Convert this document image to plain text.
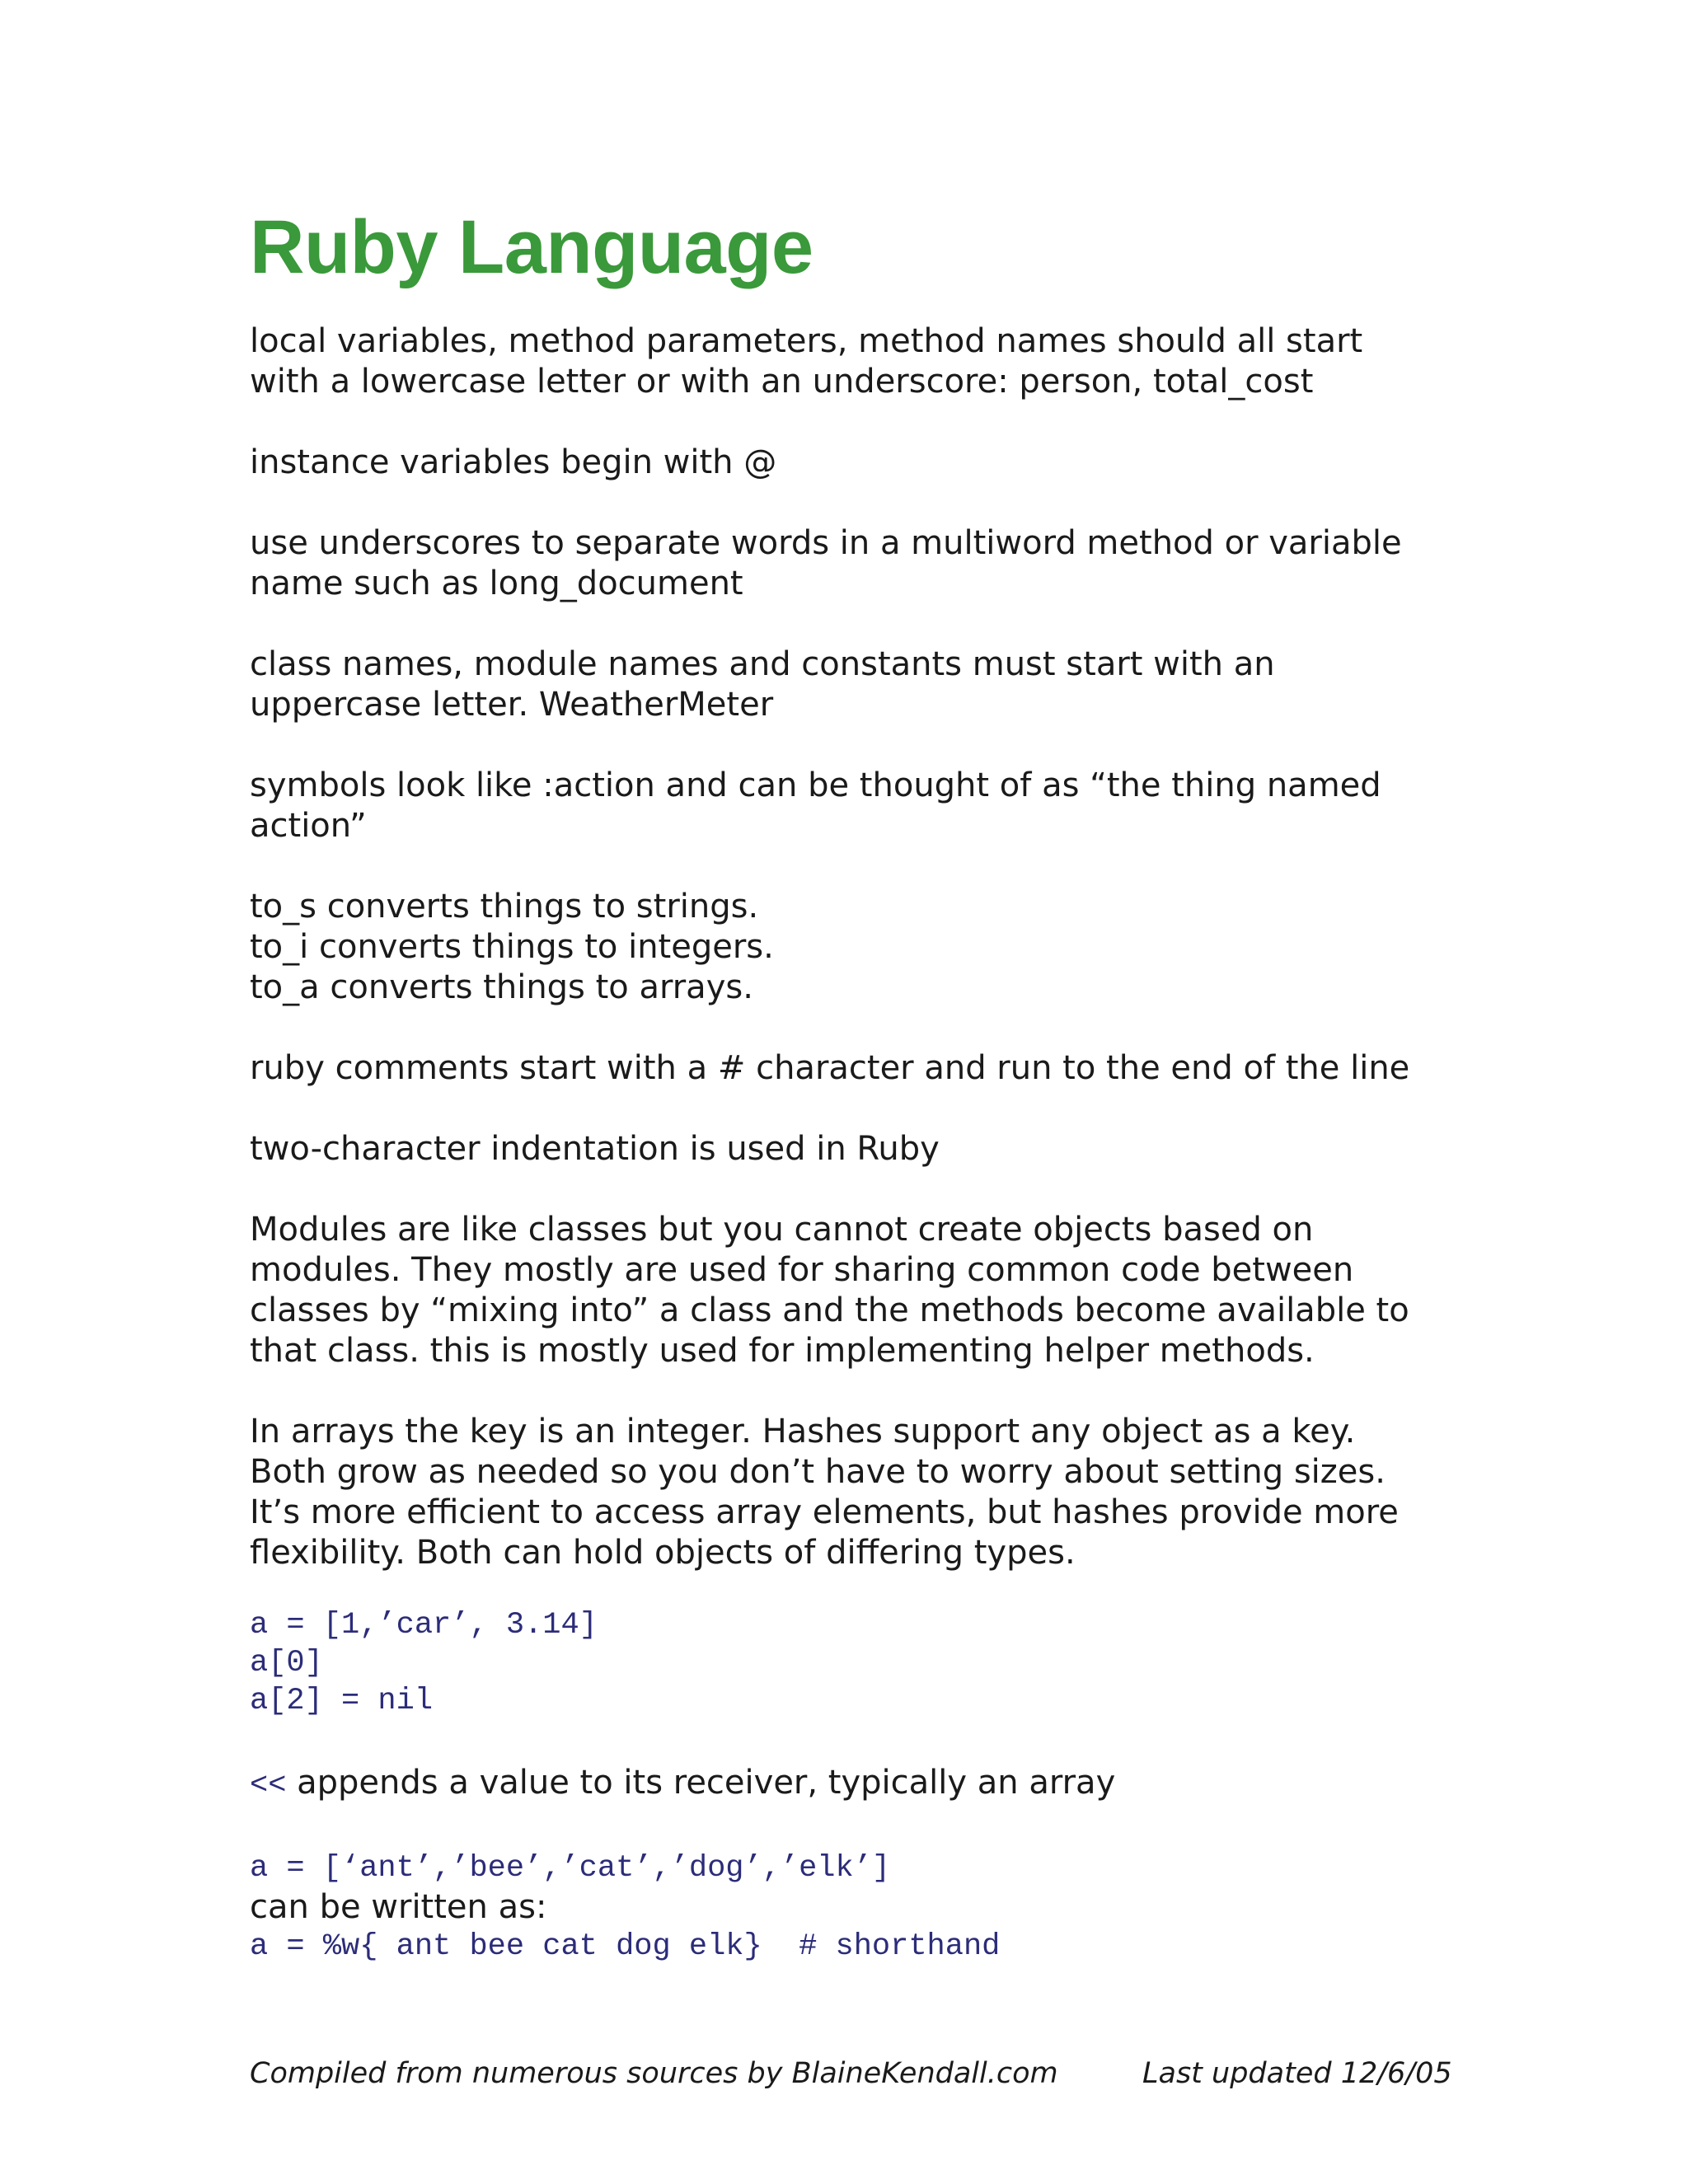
Ruby Language

local variables, method parameters, method names should all start
with a lowercase letter or with an underscore: person, total_cost

instance variables begin with @

use underscores to separate words in a multiword method or variable
name such as long_document

class names, module names and constants must start with an
uppercase letter. WeatherMeter

symbols look like :action and can be thought of as “the thing named
action”

to_s converts things to strings.
to_i converts things to integers.
to_a converts things to arrays.

ruby comments start with a # character and run to the end of the line

two-character indentation is used in Ruby

Modules are like classes but you cannot create objects based on
modules. They mostly are used for sharing common code between
classes by “mixing into” a class and the methods become available to
that class. this is mostly used for implementing helper methods.

In arrays the key is an integer. Hashes support any object as a key.
Both grow as needed so you don’t have to worry about setting sizes.
It’s more efficient to access array elements, but hashes provide more
flexibility. Both can hold objects of differing types.

a = [1,’car’, 3.14]
a[0]
a[2] = nil
<< appends a value to its receiver, typically an array
a = [‘ant’,’bee’,’cat’,’dog’,’elk’]
can be written as:
a = %w{ ant bee cat dog elk}  # shorthand
Compiled from numerous sources by BlaineKendall.com	Last updated 12/6/05
